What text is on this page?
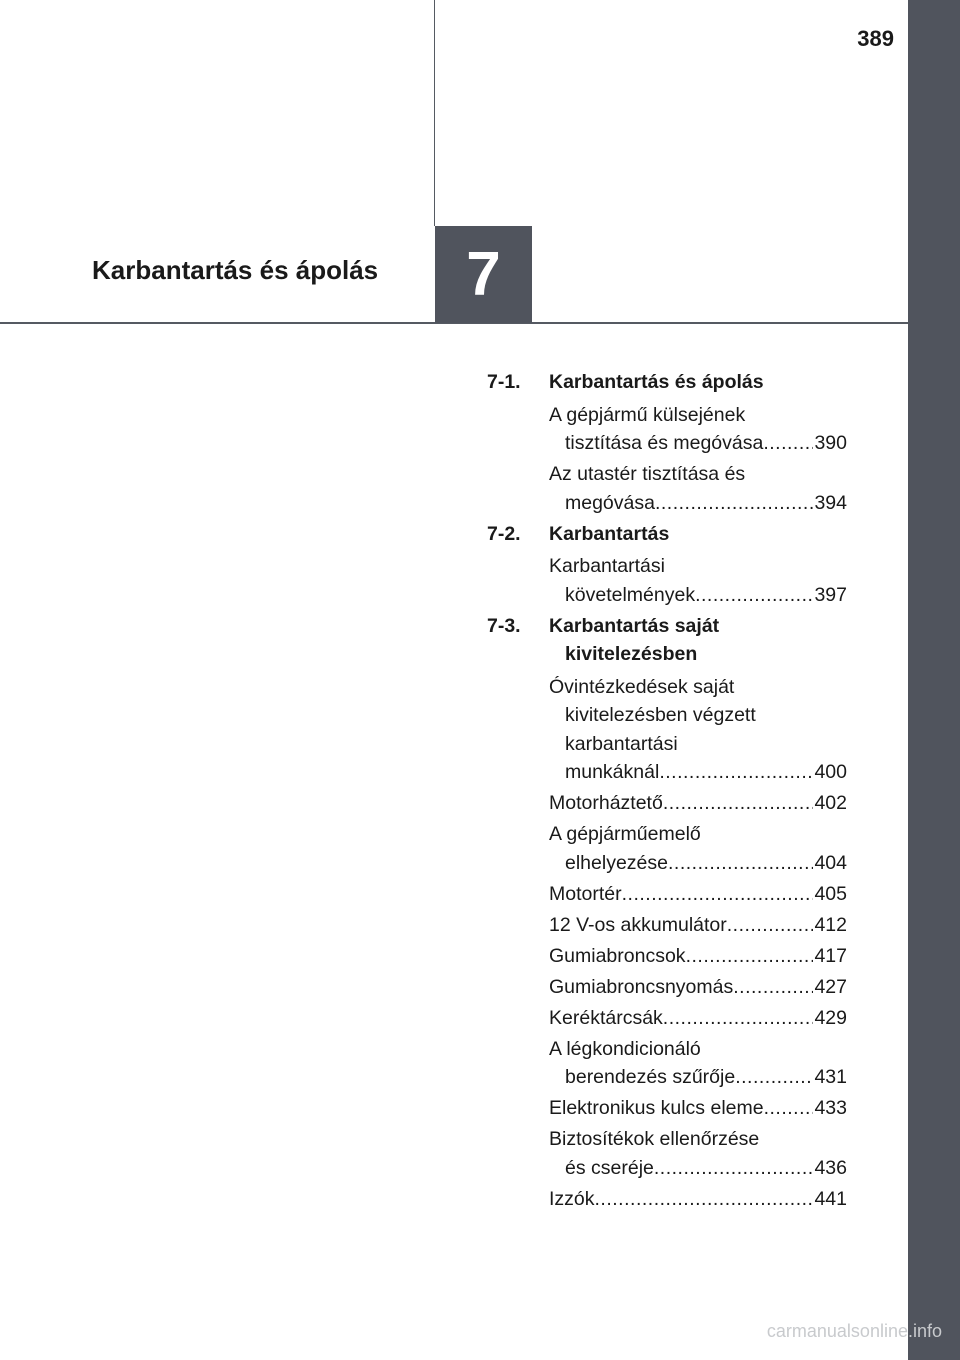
389
Karbantartás és ápolás 7
7-1.	Karbantartás és ápolás
A gépjármű külsejének
tisztítása és megóvása .....	390
Az utastér tisztítása és
megóvása .....	394
7-2.	Karbantartás
Karbantartási
követelmények .....	397
7-3.	Karbantartás saját kivitelezésben
Óvintézkedések saját kivitelezésben végzett karbantartási
munkáknál .....	400
Motorháztető .....	402
A gépjárműemelő
elhelyezése .....	404
Motortér .....	405
12 V-os akkumulátor .....	412
Gumiabroncsok .....	417
Gumiabroncsnyomás .....	427
Keréktárcsák .....	429
A légkondicionáló
berendezés szűrője .....	431
Elektronikus kulcs eleme .....	433
Biztosítékok ellenőrzése
és cseréje .....	436
Izzók .....	441
carmanualsonline.info
